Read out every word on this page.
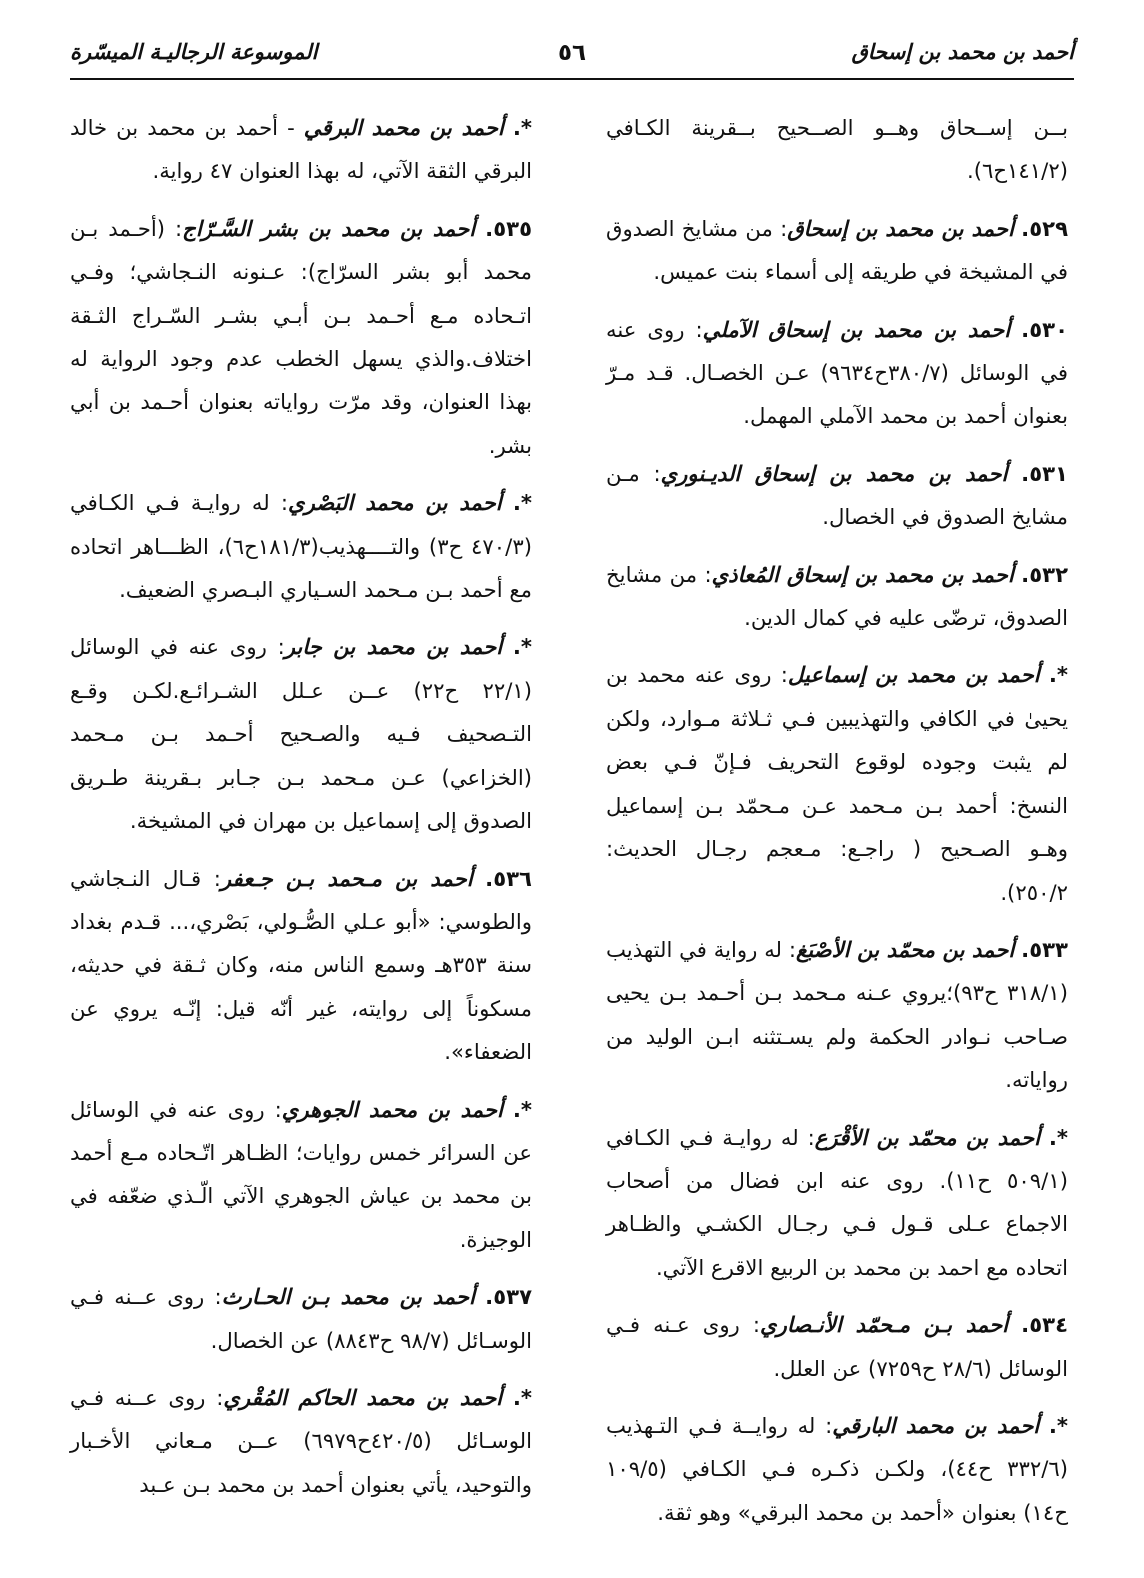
أحمد بن محمد بن إسحاق
٥٦
الموسوعة الرجاليـة الميسّرة

بــن إســحاق وهــو الصــحيح بــقرينة الكـافي (١٤١/٢ح٦).

٥٢٩. أحمد بن محمد بن إسحاق: من مشايخ الصدوق في المشيخة في طريقه إلى أسماء بنت عميس.

٥٣٠. أحمد بن محمد بن إسحاق الآملي: روى عنه في الوسائل (٣٨٠/٧ح٩٦٣٤) عـن الخصـال. قـد مـرّ بعنوان أحمد بن محمد الآملي المهمل.

٥٣١. أحمد بن محمد بن إسحاق الديـنوري: مـن مشايخ الصدوق في الخصال.

٥٣٢. أحمد بن محمد بن إسحاق المُعاذي: من مشايخ الصدوق، ترضّى عليه في كمال الدين.

*. أحمد بن محمد بن إسماعيل: روى عنه محمد بن يحيىٰ في الكافي والتهذيبين فـي ثـلاثة مـوارد، ولكن لم يثبت وجوده لوقوع التحريف فـإنّ فـي بعض النسخ: أحمد بـن مـحمد عـن مـحمّد بـن إسماعيل وهـو الصـحيح ( راجـع: مـعجم رجـال الحديث: ٢٥٠/٢).

٥٣٣. أحمد بن محمّد بن الأصْبَغ: له رواية في التهذيب (٣١٨/١ ح٩٣)؛يروي عـنه مـحمد بـن أحـمد بـن يحيى صـاحب نـوادر الحكمة ولم يسـتثنه ابـن الوليد من رواياته.

*. أحمد بن محمّد بن الأقْرَع: له روايـة فـي الكـافي (٥٠٩/١ ح١١). روى عنه ابن فضال من أصحاب الاجماع عـلى قـول فـي رجـال الكشـي والظـاهر اتحاده مع احمد بن محمد بن الربيع الاقرع الآتي.

٥٣٤. أحمد بـن مـحمّد الأنـصاري: روى عـنه فـي الوسائل (٢٨/٦ ح٧٢٥٩) عن العلل.

*. أحمد بن محمد البارقي: له روايــة فـي التـهذيب (٣٣٢/٦ ح٤٤)، ولكـن ذكـره فـي الكـافي (١٠٩/٥ ح١٤) بعنوان «أحمد بن محمد البرقي» وهو ثقة.

*. أحمد بن محمد البرقي - أحمد بن محمد بن خالد البرقي الثقة الآتي، له بهذا العنوان ٤٧ رواية.

٥٣٥. أحمد بن محمد بن بشر السَّـرّاج: (أحـمد بـن محمد أبو بشر السرّاج): عـنونه النـجاشي؛ وفـي اتـحاده مـع أحـمد بـن أبـي بشـر السّـراج الثـقة اختلاف.والذي يسهل الخطب عدم وجود الرواية له بهذا العنوان، وقد مرّت رواياته بعنوان أحـمد بن أبي بشر.

*. أحمد بن محمد البَصْري: له روايـة فـي الكـافي (٤٧٠/٣ ح٣) والتــــهذيب(١٨١/٣ح٦)، الظـــاهر اتحاده مع أحمد بـن مـحمد السـياري البـصري الضعيف.

*. أحمد بن محمد بن جابر: روى عنه في الوسائل (٢٢/١ ح٢٢) عــن عـلل الشـرائـع.لكـن وقـع التـصحيف فـيه والصـحيح أحـمد بـن مـحمد (الخزاعي) عـن مـحمد بـن جـابر بـقرينة طـريق الصدوق إلى إسماعيل بن مهران في المشيخة.

٥٣٦. أحمد بن مـحمد بـن جـعفر: قـال النـجاشي والطوسي: «أبو عـلي الصُّـولي، بَصْري،... قـدم بغداد سنة ٣٥٣هـ وسمع الناس منه، وكان ثـقة في حديثه، مسكوناً إلى روايته، غير أنّه قيل: إنّـه يروي عن الضعفاء».

*. أحمد بن محمد الجوهري: روى عنه في الوسائل عن السرائر خمس روايات؛ الظـاهر اتّـحاده مـع أحمد بن محمد بن عياش الجوهري الآتي الّـذي ضعّفه في الوجيزة.

٥٣٧. أحمد بن محمد بـن الحـارث: روى عــنه فـي الوسـائل (٩٨/٧ ح٨٨٤٣) عن الخصال.

*. أحمد بن محمد الحاكم المُقْري: روى عــنه فـي الوسـائل (٤٢٠/٥ح٦٩٧٩) عــن مـعاني الأخـبار والتوحيد، يأتي بعنوان أحمد بن محمد بـن عـبد
